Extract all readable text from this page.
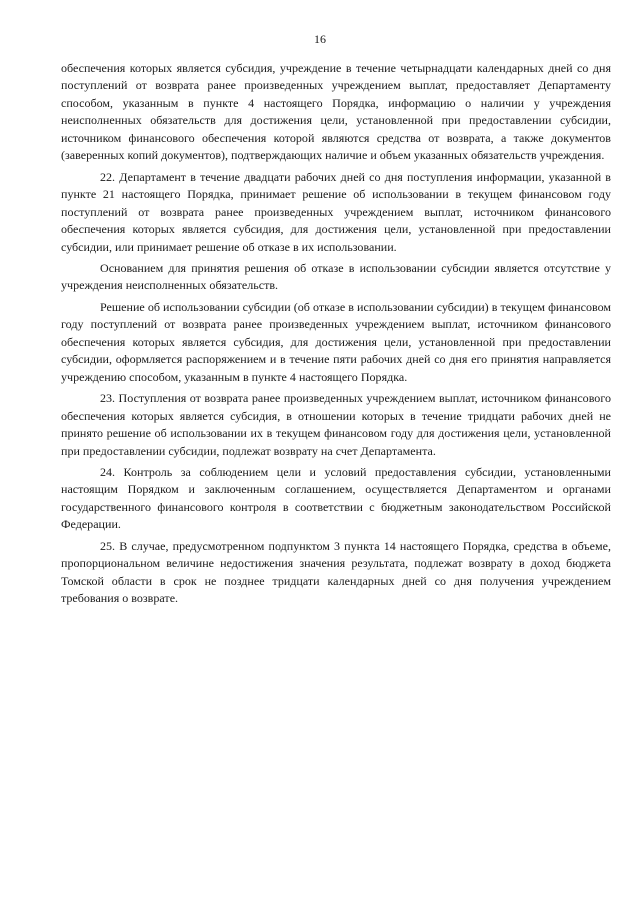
16

обеспечения которых является субсидия, учреждение в течение четырнадцати календарных дней со дня поступлений от возврата ранее произведенных учреждением выплат, предоставляет Департаменту способом, указанным в пункте 4 настоящего Порядка, информацию о наличии у учреждения неисполненных обязательств для достижения цели, установленной при предоставлении субсидии, источником финансового обеспечения которой являются средства от возврата, а также документов (заверенных копий документов), подтверждающих наличие и объем указанных обязательств учреждения.

22. Департамент в течение двадцати рабочих дней со дня поступления информации, указанной в пункте 21 настоящего Порядка, принимает решение об использовании в текущем финансовом году поступлений от возврата ранее произведенных учреждением выплат, источником финансового обеспечения которых является субсидия, для достижения цели, установленной при предоставлении субсидии, или принимает решение об отказе в их использовании.

Основанием для принятия решения об отказе в использовании субсидии является отсутствие у учреждения неисполненных обязательств.

Решение об использовании субсидии (об отказе в использовании субсидии) в текущем финансовом году поступлений от возврата ранее произведенных учреждением выплат, источником финансового обеспечения которых является субсидия, для достижения цели, установленной при предоставлении субсидии, оформляется распоряжением и в течение пяти рабочих дней со дня его принятия направляется учреждению способом, указанным в пункте 4 настоящего Порядка.

23. Поступления от возврата ранее произведенных учреждением выплат, источником финансового обеспечения которых является субсидия, в отношении которых в течение тридцати рабочих дней не принято решение об использовании их в текущем финансовом году для достижения цели, установленной при предоставлении субсидии, подлежат возврату на счет Департамента.

24. Контроль за соблюдением цели и условий предоставления субсидии, установленными настоящим Порядком и заключенным соглашением, осуществляется Департаментом и органами государственного финансового контроля в соответствии с бюджетным законодательством Российской Федерации.

25. В случае, предусмотренном подпунктом 3 пункта 14 настоящего Порядка, средства в объеме, пропорциональном величине недостижения значения результата, подлежат возврату в доход бюджета Томской области в срок не позднее тридцати календарных дней со дня получения учреждением требования о возврате.
